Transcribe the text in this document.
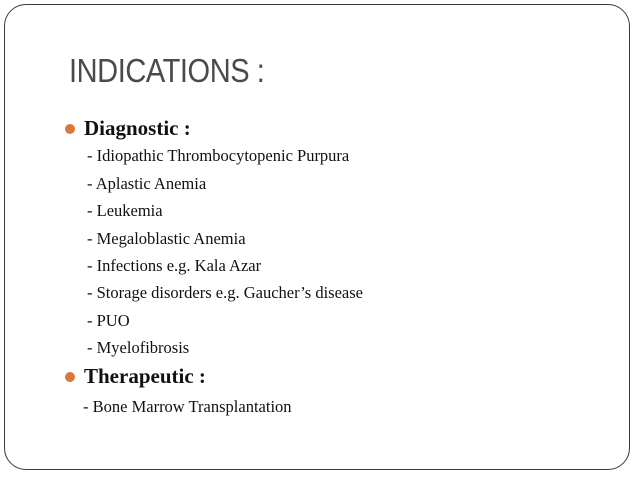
INDICATIONS :
Diagnostic :
- Idiopathic Thrombocytopenic Purpura
- Aplastic Anemia
- Leukemia
- Megaloblastic Anemia
- Infections e.g. Kala Azar
- Storage disorders e.g. Gaucher’s disease
- PUO
- Myelofibrosis
Therapeutic :
- Bone Marrow Transplantation
